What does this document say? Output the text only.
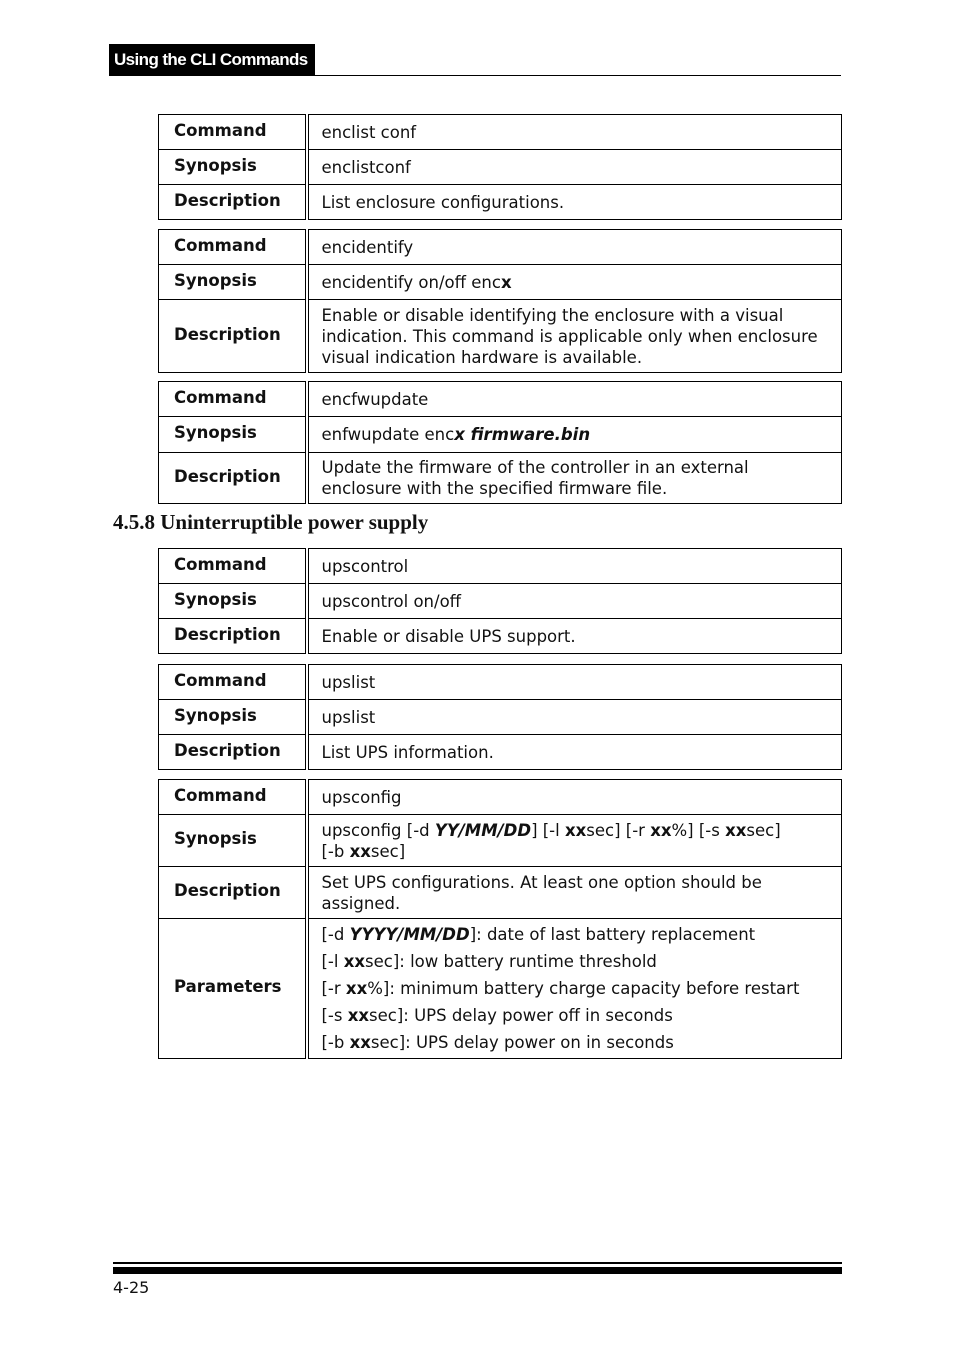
Using the CLI Commands
Command	enclist conf
Synopsis	enclistconf
Description	List enclosure configurations.
Command	encidentify
Synopsis	encidentify on/off encx
Description	Enable or disable identifying the enclosure with a visual indication. This command is applicable only when enclosure visual indication hardware is available.
Command	encfwupdate
Synopsis	enfwupdate encx firmware.bin
Description	Update the firmware of the controller in an external enclosure with the specified firmware file.
4.5.8 Uninterruptible power supply
Command	upscontrol
Synopsis	upscontrol on/off
Description	Enable or disable UPS support.
Command	upslist
Synopsis	upslist
Description	List UPS information.
Command	upsconfig
Synopsis	upsconfig [-d YY/MM/DD] [-l xxsec] [-r xx%] [-s xxsec]
[-b xxsec]

Description	Set UPS configurations. At least one option should be assigned.
Parameters	[-d YYYY/MM/DD]: date of last battery replacement
[-l xxsec]: low battery runtime threshold
[-r xx%]: minimum battery charge capacity before restart
[-s xxsec]: UPS delay power off in seconds
[-b xxsec]: UPS delay power on in seconds
4-25
